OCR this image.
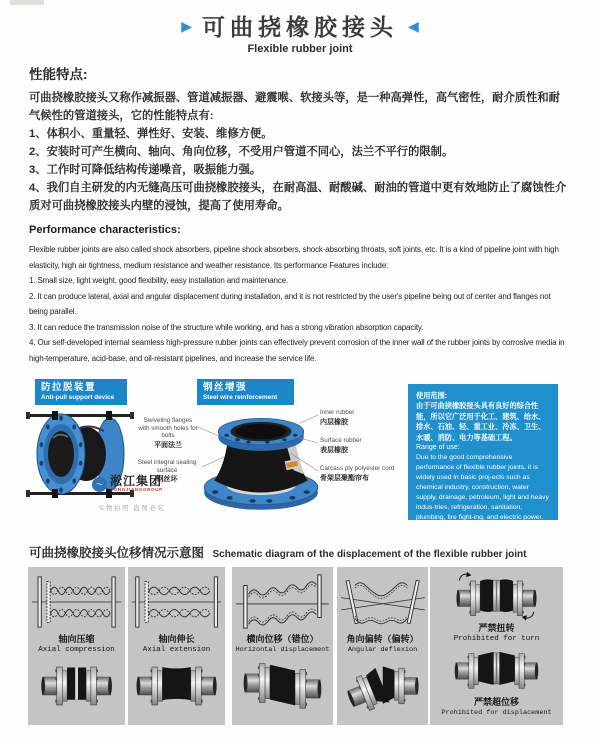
▶ 可曲挠橡胶接头 ◀
Flexible rubber joint
性能特点:

可曲挠橡胶接头又称作减振器、管道减振器、避震喉、软接头等，是一种高弹性，高气密性，耐介质性和耐气候性的管道接头，它的性能特点有:

1、体积小、重量轻、弹性好、安装、维修方便。

2、安装时可产生横向、轴向、角向位移，不受用户管道不同心，法兰不平行的限制。

3、工作时可降低结构传递噪音，吸振能力强。

4、我们自主研发的内无缝高压可曲挠橡胶接头，在耐高温、耐酸碱、耐油的管道中更有效地防止了腐蚀性介质对可曲挠橡胶接头内壁的浸蚀，提高了使用寿命。

Performance characteristics:

Flexible rubber joints are also called shock absorbers, pipeline shock absorbers, shock-absorbing throats, soft joints, etc. It is a kind of pipeline joint with high elasticity, high air tightness, medium resistance and weather resistance. Its performance Features include:

1. Small size, light weight, good flexibility, easy installation and maintenance.

2. It can produce lateral, axial and angular displacement during installation, and it is not restricted by the user's pipeline being out of center and flanges not being parallel.

3. It can reduce the transmission noise of the structure while working, and has a strong vibration absorption capacity.

4. Our self-developed internal seamless high-pressure rubber joints can effectively prevent corrosion of the inner wall of the rubber joints by corrosive media in high-temperature, acid-base, and oil-resistant pipelines, and increase the service life.

防拉脱装置
Anti-pull support device
钢丝增强
Steel wire reinforcement
Swiveling flanges with smooth holes for bolts
平面法兰
Steel integral sealing surface
钢丝环
Inner rubber
内层橡胶
Surface rubber
表层橡胶
Carcass ply polyester cord
骨架层聚酯帘布
〜 淞江集团
SONGJIANGGROUP
实物拍照 盗图必究
使用范围:
由于可曲挠橡胶接头具有良好的综合性能，所以它广泛用于化工、建筑、给水、排水、石油、轻、重工业、冷冻、卫生、水暖、消防、电力等基础工程。
Range of use:
Due to the good comprehensive performance of flexible rubber joints, it is widely used in basic proj-ects such as chemical industry, construction, water supply, drainage, petroleum, light and heavy indus-tries, refrigeration, sanitation, plumbing, fire fight-ing, and electric power.
可曲挠橡胶接头位移情况示意图 Schematic diagram of the displacement of the flexible rubber joint
轴向压缩
Axial compression
轴向伸长
Axial extension
横向位移（错位）
Horizontal displacement
角向偏转（偏转）
Angular deflexion
严禁扭转
Prohibited for turn
严禁超位移
Prohibited for displacement
